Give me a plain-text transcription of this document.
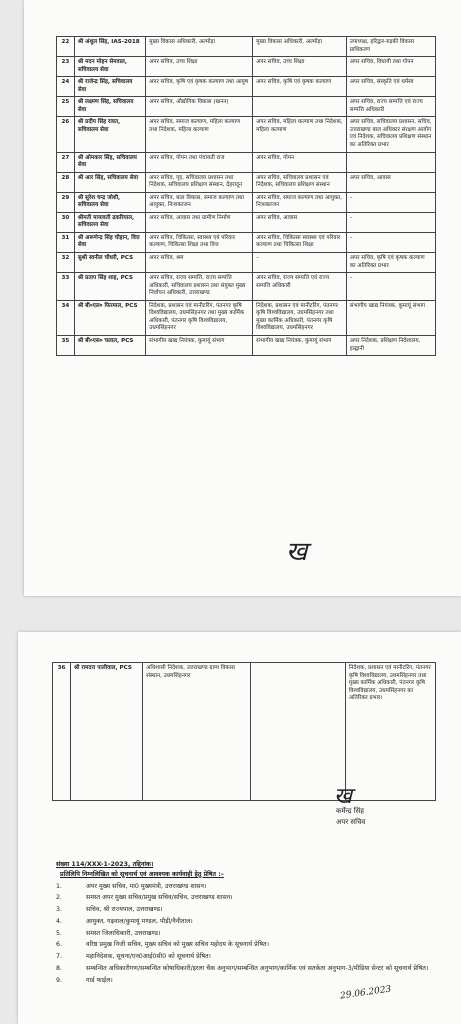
22	श्री अंशुल सिंह, IAS-2018	मुख्य विकास अधिकारी, अल्मोड़ा	मुख्य विकास अधिकारी, अल्मोड़ा	उपाध्यक्ष, हरिद्वार-रुड़की विकास प्राधिकरण
23	श्री मदन मोहन सेमवाल, सचिवालय सेवा	अपर सचिव, उच्च शिक्षा	अपर सचिव, उच्च शिक्षा	अपर सचिव, विधायी तथा गोपन
24	श्री राजेन्द्र सिंह, सचिवालय सेवा	अपर सचिव, कृषि एवं कृषक कल्याण तथा आयुष	अपर सचिव, कृषि एवं कृषक कल्याण	अपर सचिव, संस्कृति एवं धर्मस्व
25	श्री लक्ष्मण सिंह, सचिवालय सेवा	अपर सचिव, औद्योगिक विकास (खनन)		अपर सचिव, राज्य सम्पत्ति एवं राज्य सम्पत्ति अधिकारी
26	श्री प्रदीप सिंह रावत, सचिवालय सेवा	अपर सचिव, समाज कल्याण, महिला कल्याण तथा निदेशक, महिला कल्याण	अपर सचिव, महिला कल्याण तथा निदेशक, महिला कल्याण	अपर सचिव, सचिवालय प्रशासन, सचिव, उत्तराखण्ड बाल अधिकार संरक्षण आयोग एवं निदेशक, सचिवालय प्रशिक्षण संस्थान का अतिरिक्त प्रभार
27	श्री ओमकार सिंह, सचिवालय सेवा	अपर सचिव, गोपन तथा पंचायती राज	अपर सचिव, गोपन	
28	श्री आर सिंह, सचिवालय सेवा	अपर सचिव, गृह, सचिवालय प्रशासन तथा निदेशक, सचिवालय प्रशिक्षण संस्थान, देहरादून	अपर सचिव, सचिवालय प्रशासन एवं निदेशक, सचिवालय प्रशिक्षण संस्थान	अपर सचिव, आवास
29	श्री सुरेश चन्द्र जोशी, सचिवालय सेवा	अपर सचिव, बाल विकास, समाज कल्याण तथा आयुक्त, निःशक्तजन	अपर सचिव, समाज कल्याण तथा आयुक्त, निःशक्तजन	–
30	श्रीमती मायावती ढकरियाल, सचिवालय सेवा	अपर सचिव, आवास तथा ग्रामीण निर्माण	अपर सचिव, आवास	–
31	श्री अरूणेन्द्र सिंह चौहान, वित्त सेवा	अपर सचिव, चिकित्सा, स्वास्थ्य एवं परिवार कल्याण, चिकित्सा शिक्षा तथा वित्त	अपर सचिव, चिकित्सा स्वास्थ्य एवं परिवार कल्याण तथा चिकित्सा शिक्षा	–
32	सुश्री स्वनील चौधरी, PCS	अपर सचिव, श्रम	–	अपर सचिव, कृषि एवं कृषक कल्याण का अतिरिक्त प्रभार
33	श्री प्रताप सिंह शाह, PCS	अपर सचिव, राज्य सम्पत्ति, राज्य सम्पत्ति अधिकारी, सचिवालय प्रशासन तथा संयुक्त मुख्य निर्वाचन अधिकारी, उत्तराखण्ड	अपर सचिव, राज्य सम्पत्ति एवं राज्य सम्पत्ति अधिकारी	–
34	श्री बी०एल० फिरमाल, PCS	निदेशक, प्रशासन एवं मानीटरिंग, पंतनगर कृषि विश्वविद्यालय, उधमसिंहनगर तथा मुख्य कार्मिक अधिकारी, पंतनगर कृषि विश्वविद्यालय, उधमसिंहनगर	निदेशक, प्रशासन एवं मानीटरिंग, पंतनगर कृषि विश्वविद्यालय, उधमसिंहनगर तथा मुख्य कार्मिक अधिकारी, पंतनगर कृषि विश्वविद्यालय, उधमसिंहनगर	संभागीय खाद्य नियंत्रक, कुमायूं संभाग
35	श्री बी०एस० चलाल, PCS	संभागीय खाद्य नियंत्रक, कुमायूं संभाग	संभागीय खाद्य नियंत्रक, कुमायूं संभाग	अपर निदेशक, प्रशिक्षण निदेशालय, हल्द्वानी
ख
36	श्री रामदत्त पालीवाल, PCS	अधिशासी निदेशक, उत्तराखण्ड ग्राम्य विकास संस्थान, उधमसिंहनगर		निदेशक, प्रशासन एवं मानीटरिंग, पंतनगर कृषि विश्वविद्यालय, उधमसिंहनगर तथा मुख्य कार्मिक अधिकारी, पंतनगर कृषि विश्वविद्यालय, उधमसिंहनगर का अतिरिक्त प्रभार।
ख
कर्मेन्द्र सिंह
अपर सचिव
संख्या 114/XXX-1-2023, तद्दिनांक।
प्रतिलिपि निम्नलिखित को सूचनार्थ एवं आवश्यक कार्यवाही हेतु प्रेषित :–
1.	अपर मुख्य सचिव, मा0 मुख्यमंत्री, उत्तराखण्ड शासन।
2.	समस्त अपर मुख्य सचिव/प्रमुख सचिव/सचिव, उत्तराखण्ड शासन।
3.	सचिव, श्री राज्यपाल, उत्तराखण्ड।
4.	आयुक्त, गढ़वाल/कुमायूं मण्डल, पौड़ी/नैनीताल।
5.	समस्त जिलाधिकारी, उत्तराखण्ड।
6.	वरिष्ठ प्रमुख निजी सचिव, मुख्य सचिव को मुख्य सचिव महोदय के सूचनार्थ प्रेषित।
7.	महानिदेशक, सूचना/एन0आई0सी0 को सूचनार्थ प्रेषित।
8.	सम्बन्धित अधिकारीगण/सम्बन्धित कोषाधिकारी/इरला चैक अनुभाग/सम्बन्धित अनुभाग/कार्मिक एवं सतर्कता अनुभाग-3/मीडिया सेन्टर को सूचनार्थ प्रेषित।
9.	गार्ड फाईल।
29.06.2023
